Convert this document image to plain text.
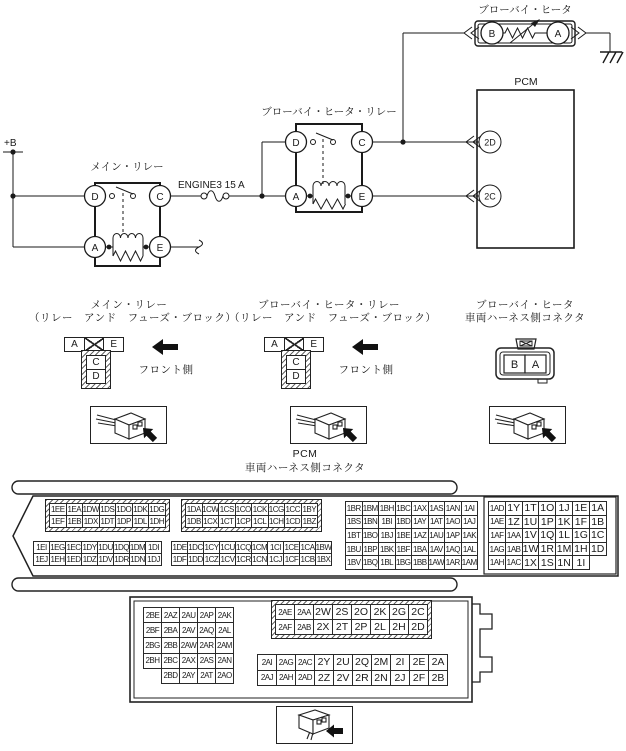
ブローバイ・ヒータ
B	A
PCM
2D
2C
ブローバイ・ヒータ・リレー
D	C
A	E
メイン・リレー
D	C
A	E
+B
ENGINE3 15 A
メイン・リレー
（リレー　アンド　フューズ・ブロック）
A	E
C
D
フロント側
ブローバイ・ヒータ・リレー
（リレー　アンド　フューズ・ブロック）
A	E
C
D
フロント側
ブローバイ・ヒータ
車両ハーネス側コネクタ
B A
PCM
車両ハーネス側コネクタ
1EE 1EA 1DW 1DS 1DO 1DK 1DG
1EF 1EB 1DX 1DT 1DP 1DL 1DH
1DA 1CW 1CS 1CO 1CK 1CG 1CC 1BY
1DB 1CX 1CT 1CP 1CL 1CH 1CD 1BZ
1EI 1EG 1EC 1DY 1DU 1DQ 1DM 1DI
1EJ 1EH 1ED 1DZ 1DV 1DR 1DN 1DJ
1DE 1DC 1CY 1CU 1CQ 1CM 1CI 1CE 1CA 1BW
1DF 1DD 1CZ 1CV 1CR 1CN 1CJ 1CF 1CB 1BX
1BR 1BM 1BH 1BC 1AX 1AS 1AN 1AI
1BS 1BN 1BI 1BD 1AY 1AT 1AO 1AJ
1BT 1BO 1BJ 1BE 1AZ 1AU 1AP 1AK
1BU 1BP 1BK 1BF 1BA 1AV 1AQ 1AL
1BV 1BQ 1BL 1BG 1BB 1AW 1AR 1AM
1AD 1Y 1T 1O 1J 1E 1A
1AE 1Z 1U 1P 1K 1F 1B
1AF 1AA 1V 1Q 1L 1G 1C
1AG 1AB 1W 1R 1M 1H 1D
1AH 1AC 1X 1S 1N 1I
2BE 2AZ 2AU 2AP 2AK
2BF 2BA 2AV 2AQ 2AL
2BG 2BB 2AW 2AR 2AM
2BH 2BC 2AX 2AS 2AN
2BD 2AY 2AT 2AO
2AE 2AA 2W 2S 2O 2K 2G 2C
2AF 2AB 2X 2T 2P 2L 2H 2D
2AI 2AG 2AC 2Y 2U 2Q 2M 2I 2E 2A
2AJ 2AH 2AD 2Z 2V 2R 2N 2J 2F 2B
